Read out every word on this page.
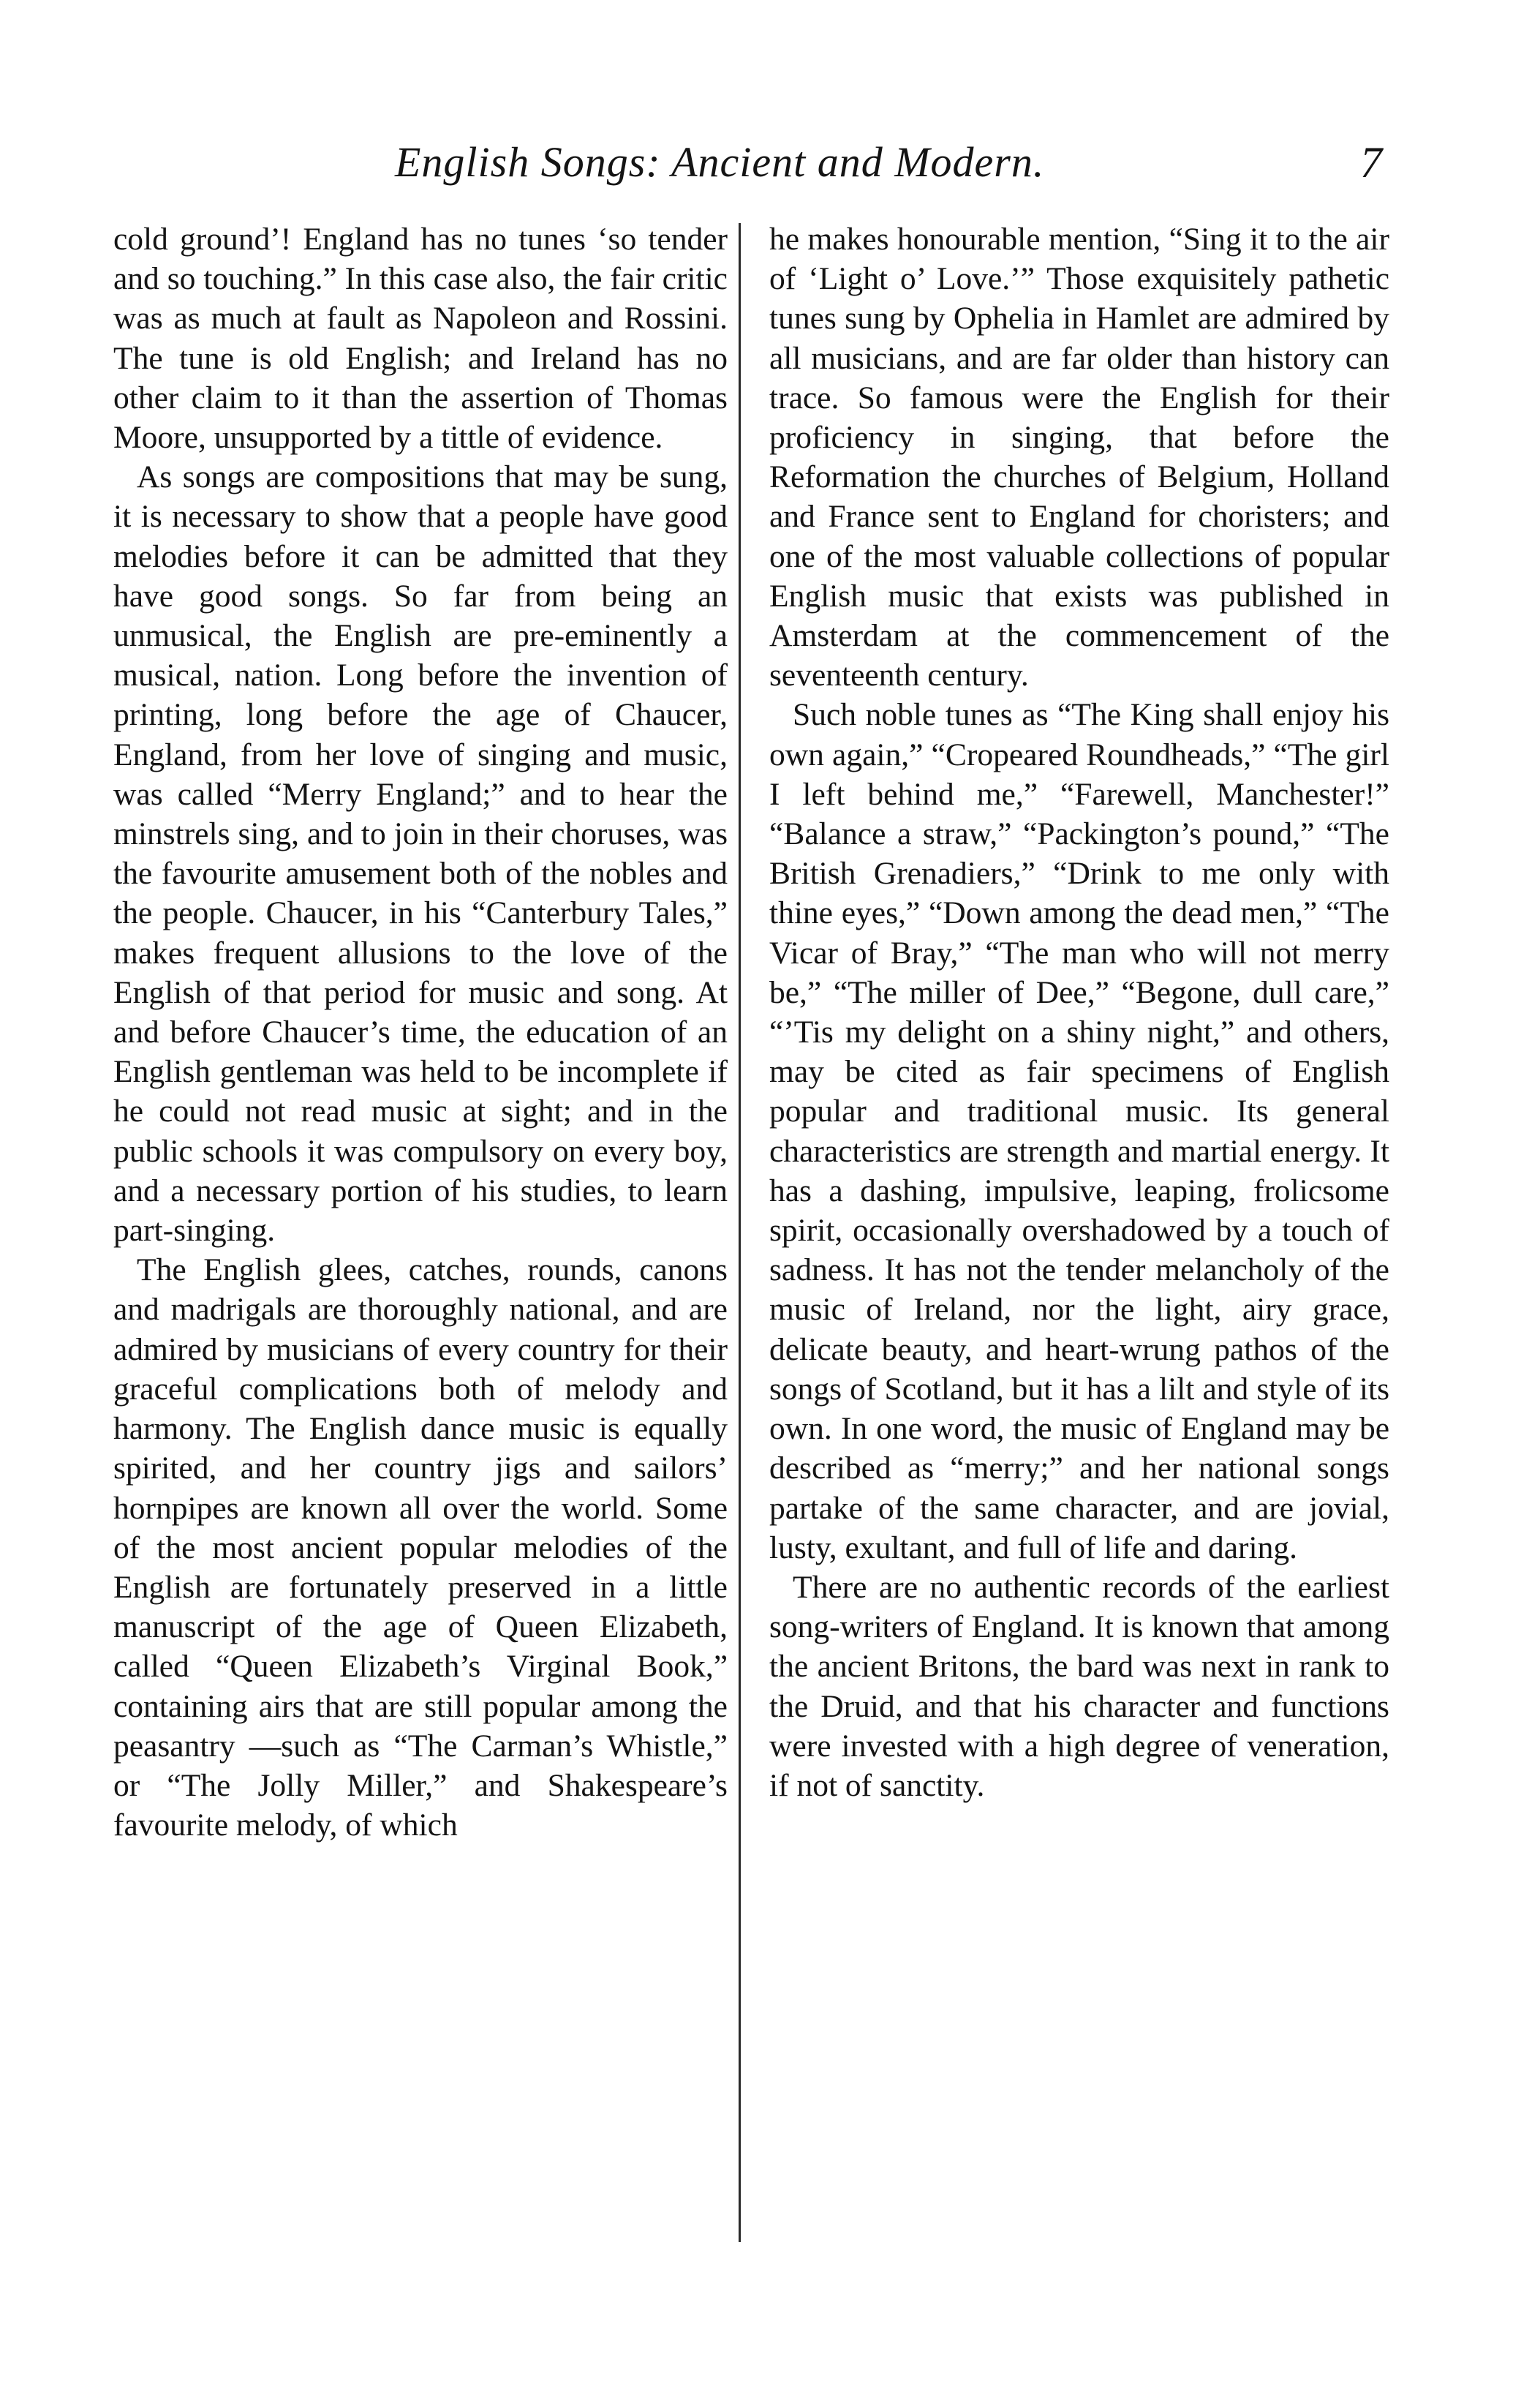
English Songs: Ancient and Modern.	7

cold ground’! England has no tunes ‘so tender and so touching.” In this case also, the fair critic was as much at fault as Napoleon and Rossini. The tune is old English; and Ireland has no other claim to it than the assertion of Thomas Moore, unsupported by a tittle of evidence.

As songs are compositions that may be sung, it is necessary to show that a people have good melodies before it can be admitted that they have good songs. So far from being an unmusical, the English are pre-eminently a musical, nation. Long before the invention of printing, long before the age of Chaucer, England, from her love of singing and music, was called “Merry England;” and to hear the minstrels sing, and to join in their choruses, was the favourite amusement both of the nobles and the people. Chaucer, in his “Canterbury Tales,” makes frequent allusions to the love of the English of that period for music and song. At and before Chaucer’s time, the education of an English gentleman was held to be incomplete if he could not read music at sight; and in the public schools it was compulsory on every boy, and a necessary portion of his studies, to learn part-singing.

The English glees, catches, rounds, canons and madrigals are thoroughly national, and are admired by musicians of every country for their graceful complications both of melody and harmony. The English dance music is equally spirited, and her country jigs and sailors’ hornpipes are known all over the world. Some of the most ancient popular melodies of the English are fortunately preserved in a little manuscript of the age of Queen Elizabeth, called “Queen Elizabeth’s Virginal Book,” containing airs that are still popular among the peasantry —such as “The Carman’s Whistle,” or “The Jolly Miller,” and Shakespeare’s favourite melody, of which

he makes honourable mention, “Sing it to the air of ‘Light o’ Love.’” Those exquisitely pathetic tunes sung by Ophelia in Hamlet are admired by all musicians, and are far older than history can trace. So famous were the English for their proficiency in singing, that before the Reformation the churches of Belgium, Holland and France sent to England for choristers; and one of the most valuable collections of popular English music that exists was published in Amsterdam at the commencement of the seventeenth century.

Such noble tunes as “The King shall enjoy his own again,” “Cropeared Roundheads,” “The girl I left behind me,” “Farewell, Manchester!” “Balance a straw,” “Packington’s pound,” “The British Grenadiers,” “Drink to me only with thine eyes,” “Down among the dead men,” “The Vicar of Bray,” “The man who will not merry be,” “The miller of Dee,” “Begone, dull care,” “’Tis my delight on a shiny night,” and others, may be cited as fair specimens of English popular and traditional music. Its general characteristics are strength and martial energy. It has a dashing, impulsive, leaping, frolicsome spirit, occasionally overshadowed by a touch of sadness. It has not the tender melancholy of the music of Ireland, nor the light, airy grace, delicate beauty, and heart-wrung pathos of the songs of Scotland, but it has a lilt and style of its own. In one word, the music of England may be described as “merry;” and her national songs partake of the same character, and are jovial, lusty, exultant, and full of life and daring.

There are no authentic records of the earliest song-writers of England. It is known that among the ancient Britons, the bard was next in rank to the Druid, and that his character and functions were invested with a high degree of veneration, if not of sanctity.
